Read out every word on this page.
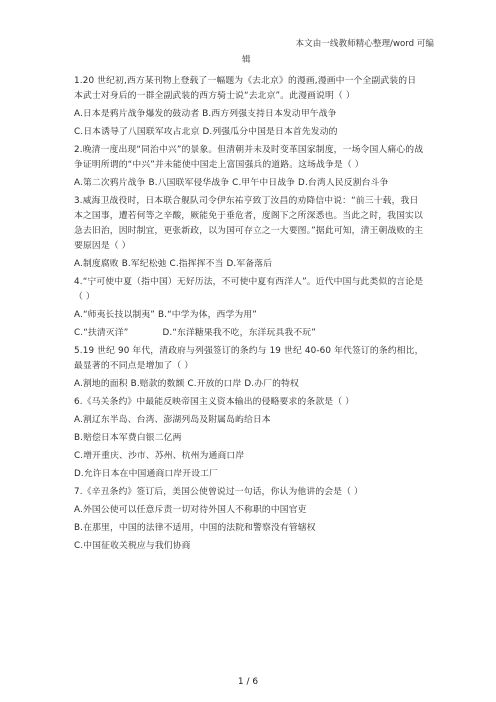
本文由一线教师精心整理/word 可编
辑

1.20 世纪初,西方某刊物上登载了一幅题为《去北京》的漫画,漫画中一个全副武装的日本武士对身后的一群全副武装的西方骑士说“去北京”。此漫画说明（ ）

A.日本是鸦片战争爆发的鼓动者 B.西方列强支持日本发动甲午战争

C.日本诱导了八国联军攻占北京 D.列强瓜分中国是日本首先发动的

2.晚清一度出现“同治中兴”的景象。但清朝并未及时变革国家制度，一场令国人痛心的战争证明所谓的“中兴”并未能使中国走上富国强兵的道路。这场战争是（ ）

A.第二次鸦片战争 B.八国联军侵华战争 C.甲午中日战争 D.台湾人民反割台斗争

3.威海卫战役时，日本联合舰队司令伊东祐亨致丁汝昌的劝降信中说：“前三十载，我日本之国事，遭若何等之辛酸，厥能免于垂危者，度阁下之所深悉也。当此之时，我国实以急去旧治，因时制宜，更张新政，以为国可存立之一大要图。”据此可知，清王朝战败的主要原因是（ ）

A.制度腐败 B.军纪松弛 C.指挥挥不当 D.军备落后

4.“宁可使中夏（指中国）无好历法，不可使中夏有西洋人”。近代中国与此类似的言论是（ ）

A.“师夷长技以制夷” B.“中学为体，西学为用”

C.“扶清灭洋”	D.“东洋糖果我不吃，东洋玩具我不玩”

5.19 世纪 90 年代，清政府与列强签订的条约与 19 世纪 40-60 年代签订的条约相比，最显著的不同点是增加了（ ）

A.割地的面积 B.赔款的数额 C.开放的口岸 D.办厂的特权

6.《马关条约》中最能反映帝国主义资本输出的侵略要求的条款是（ ）

A.割辽东半岛、台湾、澎湖列岛及附属岛屿给日本

B.赔偿日本军费白银二亿两

C.增开重庆、沙市、苏州、杭州为通商口岸

D.允许日本在中国通商口岸开设工厂

7.《辛丑条约》签订后，美国公使曾说过一句话，你认为他讲的会是（ ）

A.外国公使可以任意斥责一切对待外国人不称职的中国官吏

B.在那里，中国的法律不适用，中国的法院和警察没有管辖权

C.中国征收关税应与我们协商

1 / 6
